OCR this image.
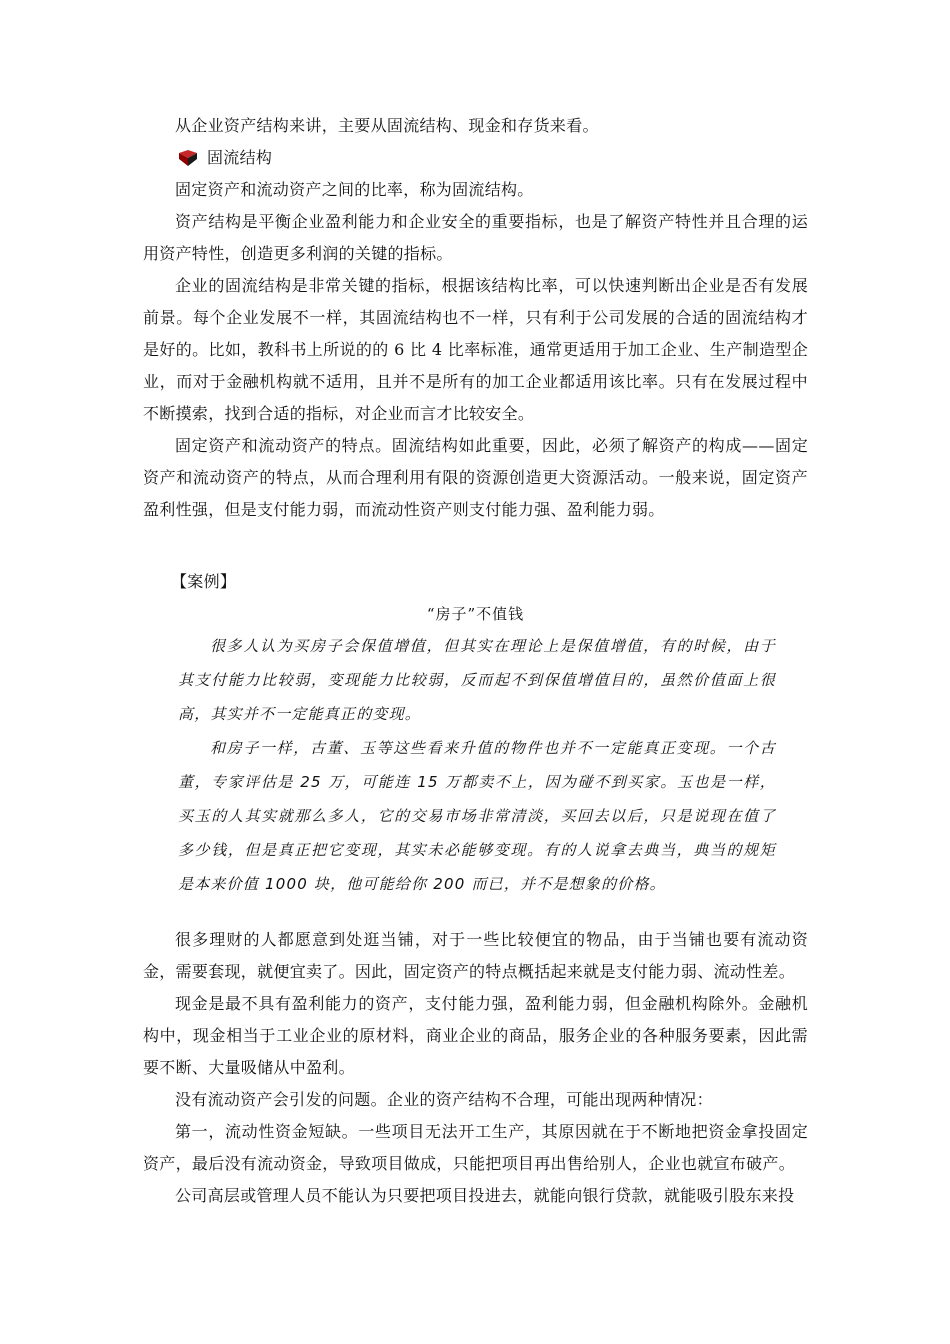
从企业资产结构来讲，主要从固流结构、现金和存货来看。

固流结构

固定资产和流动资产之间的比率，称为固流结构。

资产结构是平衡企业盈利能力和企业安全的重要指标，也是了解资产特性并且合理的运用资产特性，创造更多利润的关键的指标。

企业的固流结构是非常关键的指标，根据该结构比率，可以快速判断出企业是否有发展前景。每个企业发展不一样，其固流结构也不一样，只有利于公司发展的合适的固流结构才是好的。比如，教科书上所说的的 6 比 4 比率标准，通常更适用于加工企业、生产制造型企业，而对于金融机构就不适用，且并不是所有的加工企业都适用该比率。只有在发展过程中不断摸索，找到合适的指标，对企业而言才比较安全。

固定资产和流动资产的特点。固流结构如此重要，因此，必须了解资产的构成——固定资产和流动资产的特点，从而合理利用有限的资源创造更大资源活动。一般来说，固定资产盈利性强，但是支付能力弱，而流动性资产则支付能力强、盈利能力弱。

【案例】

“房子”不值钱

很多人认为买房子会保值增值，但其实在理论上是保值增值，有的时候，由于其支付能力比较弱，变现能力比较弱，反而起不到保值增值目的，虽然价值面上很高，其实并不一定能真正的变现。

和房子一样，古董、玉等这些看来升值的物件也并不一定能真正变现。一个古董，专家评估是 25 万，可能连 15 万都卖不上，因为碰不到买家。玉也是一样，买玉的人其实就那么多人，它的交易市场非常清淡，买回去以后，只是说现在值了多少钱，但是真正把它变现，其实未必能够变现。有的人说拿去典当，典当的规矩是本来价值 1000 块，他可能给你 200 而已，并不是想象的价格。

很多理财的人都愿意到处逛当铺，对于一些比较便宜的物品，由于当铺也要有流动资金，需要套现，就便宜卖了。因此，固定资产的特点概括起来就是支付能力弱、流动性差。

现金是最不具有盈利能力的资产，支付能力强，盈利能力弱，但金融机构除外。金融机构中，现金相当于工业企业的原材料，商业企业的商品，服务企业的各种服务要素，因此需要不断、大量吸储从中盈利。

没有流动资产会引发的问题。企业的资产结构不合理，可能出现两种情况：

第一，流动性资金短缺。一些项目无法开工生产，其原因就在于不断地把资金拿投固定资产，最后没有流动资金，导致项目做成，只能把项目再出售给别人，企业也就宣布破产。

公司高层或管理人员不能认为只要把项目投进去，就能向银行贷款，就能吸引股东来投
